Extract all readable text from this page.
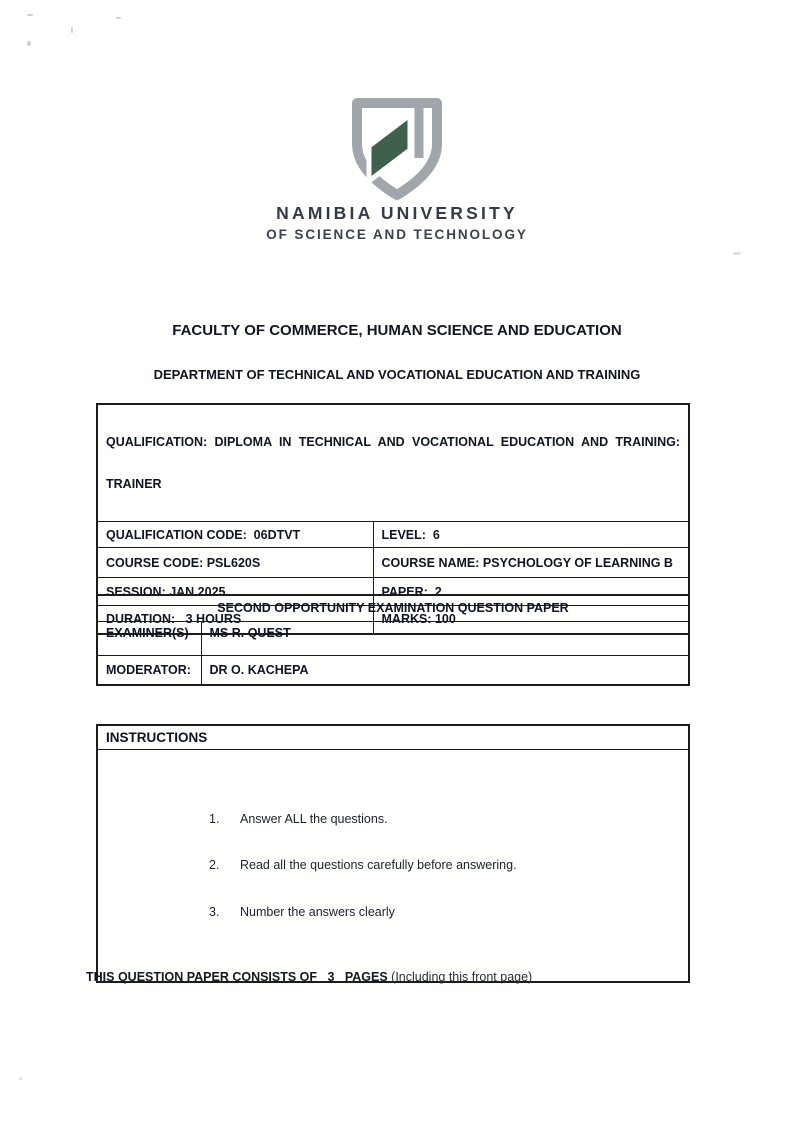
NAMIBIA UNIVERSITY
OF SCIENCE AND TECHNOLOGY
FACULTY OF COMMERCE, HUMAN SCIENCE AND EDUCATION
DEPARTMENT OF TECHNICAL AND VOCATIONAL EDUCATION AND TRAINING

QUALIFICATION: DIPLOMA IN TECHNICAL AND VOCATIONAL EDUCATION AND TRAINING:

TRAINER	

QUALIFICATION CODE:  06DTVT	LEVEL:  6
COURSE CODE: PSL620S	COURSE NAME: PSYCHOLOGY OF LEARNING B
SESSION: JAN 2025	PAPER:  2
DURATION:   3 HOURS	MARKS: 100
SECOND OPPORTUNITY EXAMINATION QUESTION PAPER	
EXAMINER(S)	MS R. QUEST
MODERATOR:	DR O. KACHEPA
INSTRUCTIONS

1.	Answer ALL the questions.

2.	Read all the questions carefully before answering.

3.	Number the answers clearly

THIS QUESTION PAPER CONSISTS OF _3_ PAGES (Including this front page)
